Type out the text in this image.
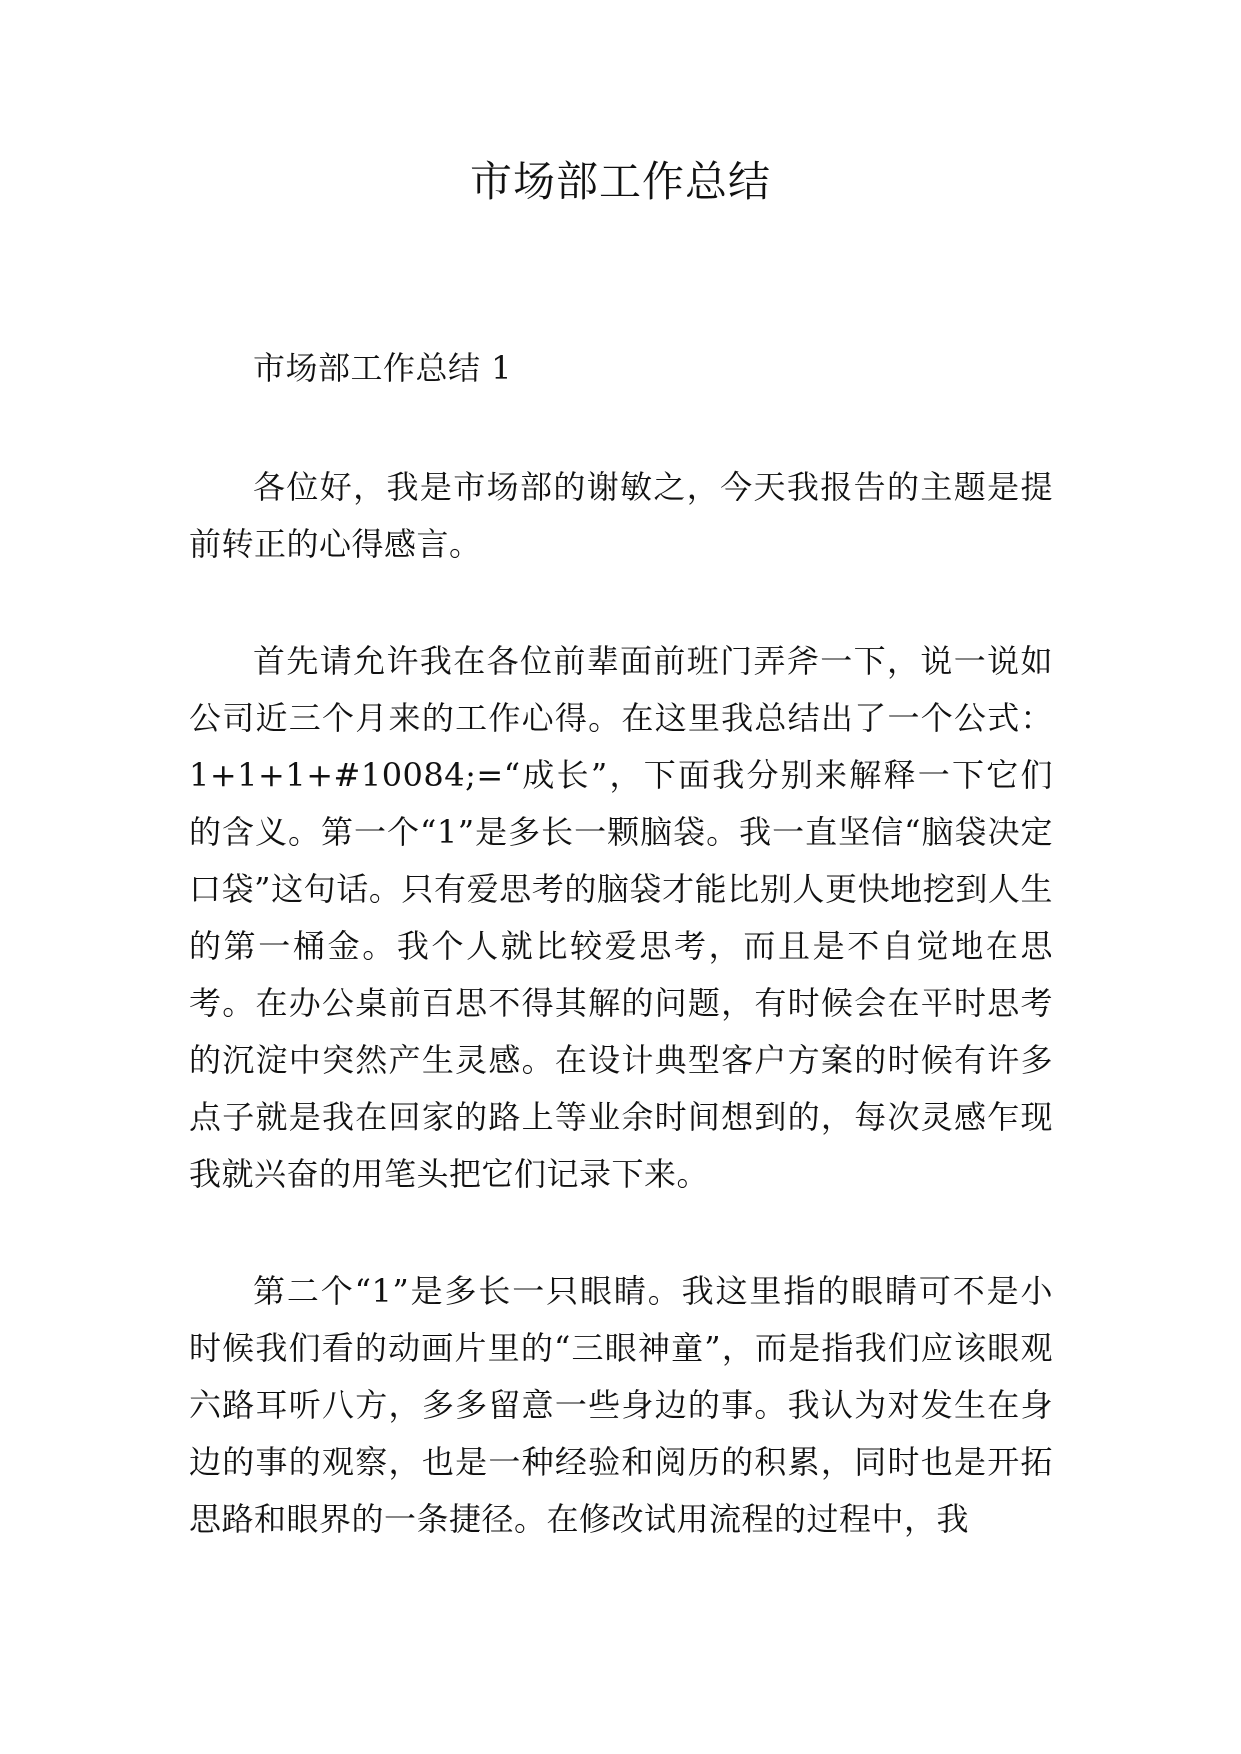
市场部工作总结

市场部工作总结 1

各位好，我是市场部的谢敏之，今天我报告的主题是提前转正的心得感言。

首先请允许我在各位前辈面前班门弄斧一下，说一说如公司近三个月来的工作心得。在这里我总结出了一个公式：1+1+1+#10084;=“成长”，下面我分别来解释一下它们的含义。第一个“1”是多长一颗脑袋。我一直坚信“脑袋决定口袋”这句话。只有爱思考的脑袋才能比别人更快地挖到人生的第一桶金。我个人就比较爱思考，而且是不自觉地在思考。在办公桌前百思不得其解的问题，有时候会在平时思考的沉淀中突然产生灵感。在设计典型客户方案的时候有许多点子就是我在回家的路上等业余时间想到的，每次灵感乍现我就兴奋的用笔头把它们记录下来。

第二个“1”是多长一只眼睛。我这里指的眼睛可不是小时候我们看的动画片里的“三眼神童”，而是指我们应该眼观六路耳听八方，多多留意一些身边的事。我认为对发生在身边的事的观察，也是一种经验和阅历的积累，同时也是开拓思路和眼界的一条捷径。在修改试用流程的过程中，我
